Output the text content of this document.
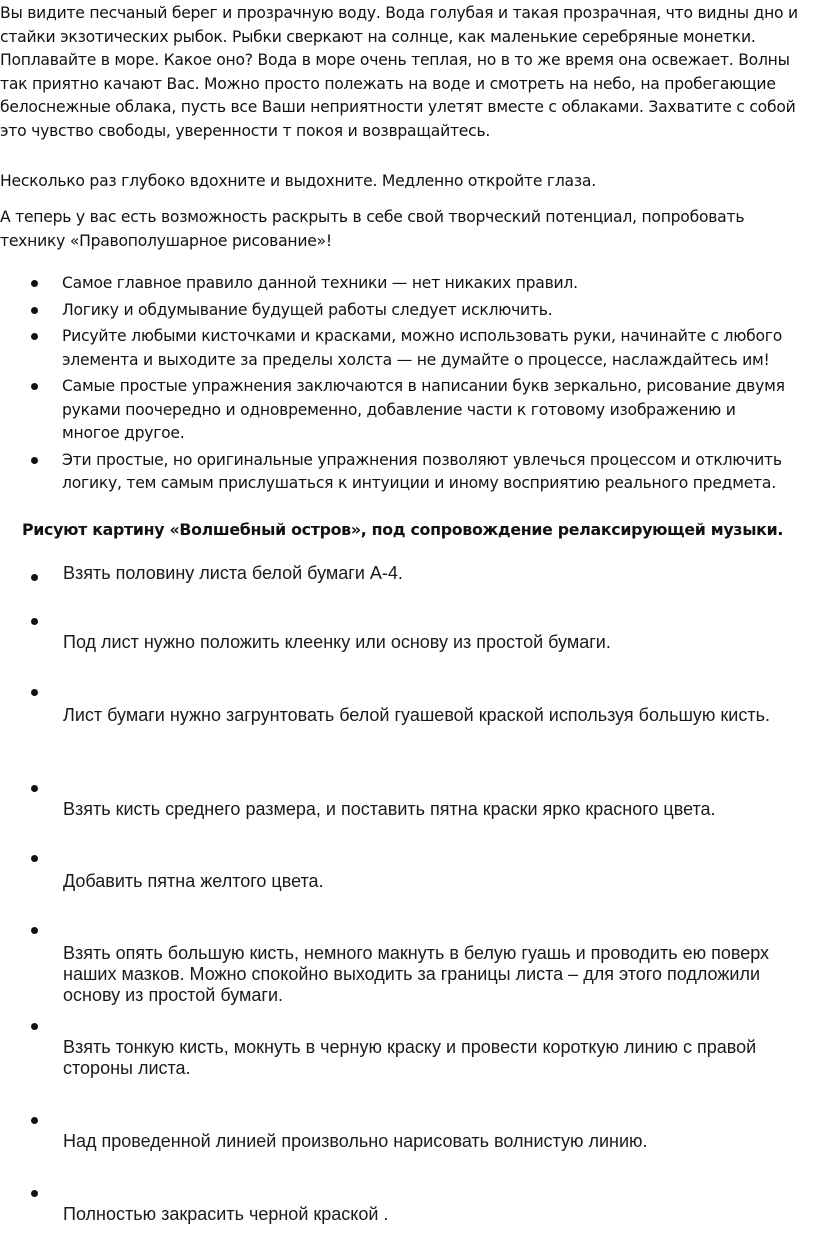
Вы видите песчаный берег и прозрачную воду. Вода голубая и такая прозрачная, что видны дно и стайки экзотических рыбок. Рыбки сверкают на солнце, как маленькие серебряные монетки. Поплавайте в море. Какое оно? Вода в море очень теплая, но в то же время она освежает. Волны так приятно качают Вас. Можно просто полежать на воде и смотреть на небо, на пробегающие белоснежные облака, пусть все Ваши неприятности улетят вместе с облаками. Захватите с собой это чувство свободы, уверенности т покоя и возвращайтесь.

Несколько раз глубоко вдохните и выдохните. Медленно откройте глаза.

А теперь у вас есть возможность раскрыть в себе свой творческий потенциал, попробовать технику «Правополушарное рисование»!

Самое главное правило данной техники — нет никаких правил.
Логику и обдумывание будущей работы следует исключить.
Рисуйте любыми кисточками и красками, можно использовать руки, начинайте с любого элемента и выходите за пределы холста — не думайте о процессе, наслаждайтесь им!
Самые простые упражнения заключаются в написании букв зеркально, рисование двумя руками поочередно и одновременно, добавление части к готовому изображению и многое другое.
Эти простые, но оригинальные упражнения позволяют увлечься процессом и отключить логику, тем самым прислушаться к интуиции и иному восприятию реального предмета.

Рисуют картину «Волшебный остров», под сопровождение релаксирующей музыки.

Взять половину листа белой бумаги А-4.
Под лист нужно положить клеенку или основу из простой бумаги.
Лист бумаги нужно загрунтовать белой гуашевой краской используя большую кисть.
Взять кисть среднего размера, и поставить пятна краски ярко красного цвета.
Добавить пятна желтого цвета.
Взять опять большую кисть, немного макнуть в белую гуашь и проводить ею поверх наших мазков. Можно спокойно выходить за границы листа – для этого подложили основу из простой бумаги.
Взять тонкую кисть, мокнуть в черную краску и провести короткую линию с правой стороны листа.
Над проведенной линией произвольно нарисовать волнистую линию.
Полностью закрасить черной краской .
